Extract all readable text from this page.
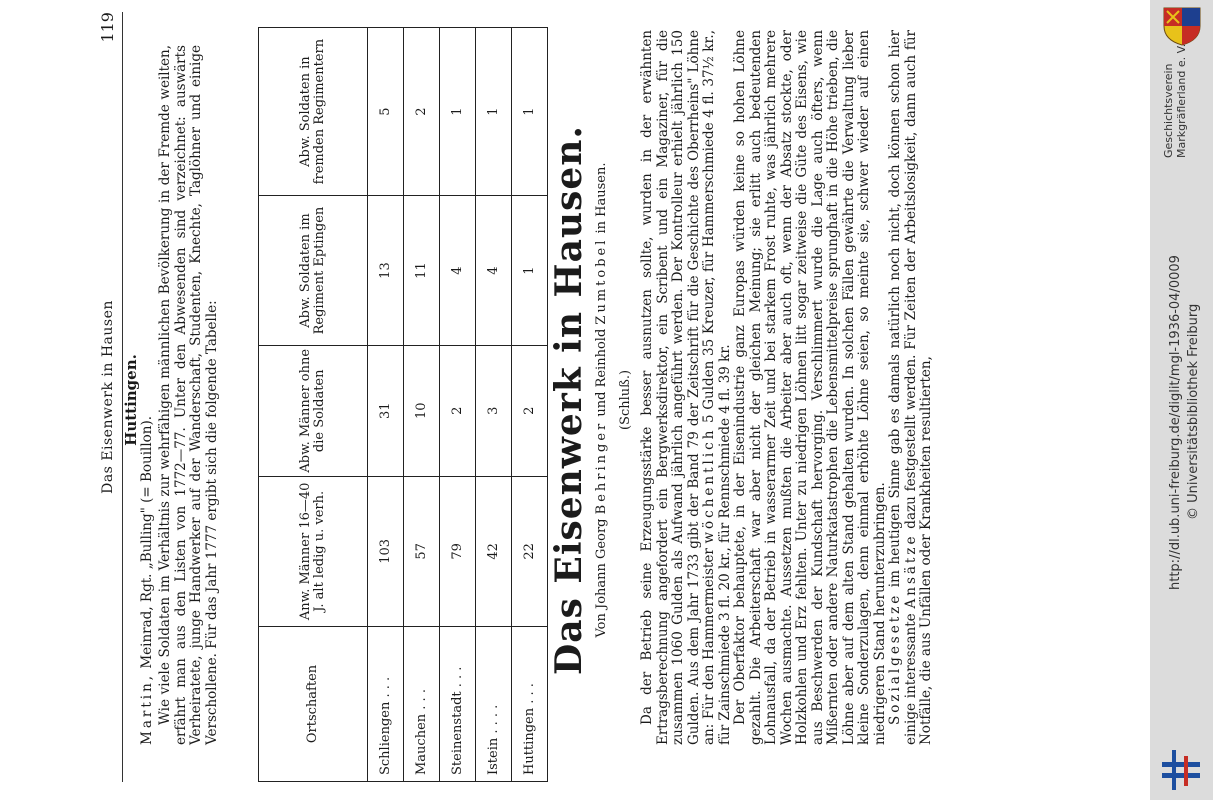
Das Eisenwerk in Hausen
119
Huttingen.
Martin, Meinrad, Rgt. „Bulling" (= Bouillon). Wie viele Soldaten im Verhältnis zur wehrfähigen männlichen Bevölkerung in der Fremde weilten, erfährt man aus den Listen von 1772—77. Unter den Abwesenden sind verzeichnet: auswärts Verheiratete, junge Handwerker auf der Wanderschaft, Studenten, Knechte, Taglöhner und einige Verschollene. Für das Jahr 1777 ergibt sich die folgende Tabelle:	Ortschaften	Anw. Männer 16—40 J. alt ledig u. verh.	Abw. Männer ohne die Soldaten	Abw. Soldaten im Regiment Eptingen	Abw. Soldaten in fremden Regimentern
Schliengen . . .	103	31	13	5
Mauchen . . .	57	10	11	2
Steinenstadt . . .	79	2	4	1
Istein . . . .	42	3	4	1
Huttingen . . .	22	2	1	1
Das Eisenwerk in Hausen. Von Johann Georg Behringer und Reinhold Zumtobel in Hausen.
(Schluß.) Da der Betrieb seine Erzeugungsstärke besser ausnutzen sollte, wurden in der erwähnten Ertragsberechnung angefordert ein Bergwerksdirektor, ein Scribent und ein Magaziner, für die zusammen 1060 Gulden als Aufwand jährlich angeführt werden. Der Kontrolleur erhielt jährlich 150 Gulden. Aus dem Jahr 1733 gibt der Band 79 der Zeitschrift für die Geschichte des Oberrheins" Löhne an: Für den Hammermeister wöchentlich 5 Gulden 35 Kreuzer, für Hammerschmiede 4 fl. 37½ kr., für Zainschmiede 3 fl. 20 kr., für Rennschmiede 4 fl. 39 kr. Der Oberfaktor behauptete, in der Eisenindustrie ganz Europas würden keine so hohen Löhne gezahlt. Die Arbeiterschaft war aber nicht der gleichen Meinung; sie erlitt auch bedeutenden Lohnausfall, da der Betrieb in wasserarmer Zeit und bei starkem Frost ruhte, was jährlich mehrere Wochen ausmachte. Aussetzen mußten die Arbeiter aber auch oft, wenn der Absatz stockte, oder Holzkohlen und Erz fehlten. Unter zu niedrigen Löhnen litt sogar zeitweise die Güte des Eisens, wie aus Beschwerden der Kundschaft hervorging. Verschlimmert wurde die Lage auch öfters, wenn Mißernten oder andere Naturkatastrophen die Lebensmittelpreise sprunghaft in die Höhe trieben, die Löhne aber auf dem alten Stand gehalten wurden. In solchen Fällen gewährte die Verwaltung lieber kleine Sonderzulagen, denn einmal erhöhte Löhne seien, so meinte sie, schwer wieder auf einen niedrigeren Stand herunterzubringen. Sozialgesetze im heutigen Sinne gab es damals natürlich noch nicht, doch können schon hier einige interessante Ansätze dazu festgestellt werden. Für Zeiten der Arbeitslosigkeit, dann auch für Notfälle, die aus Unfällen oder Krankheiten resultierten,

Geschichtsverein Markgräflerland e. V.
http://dl.ub.uni-freiburg.de/diglit/mgl-1936-04/0009 © Universitätsbibliothek Freiburg
